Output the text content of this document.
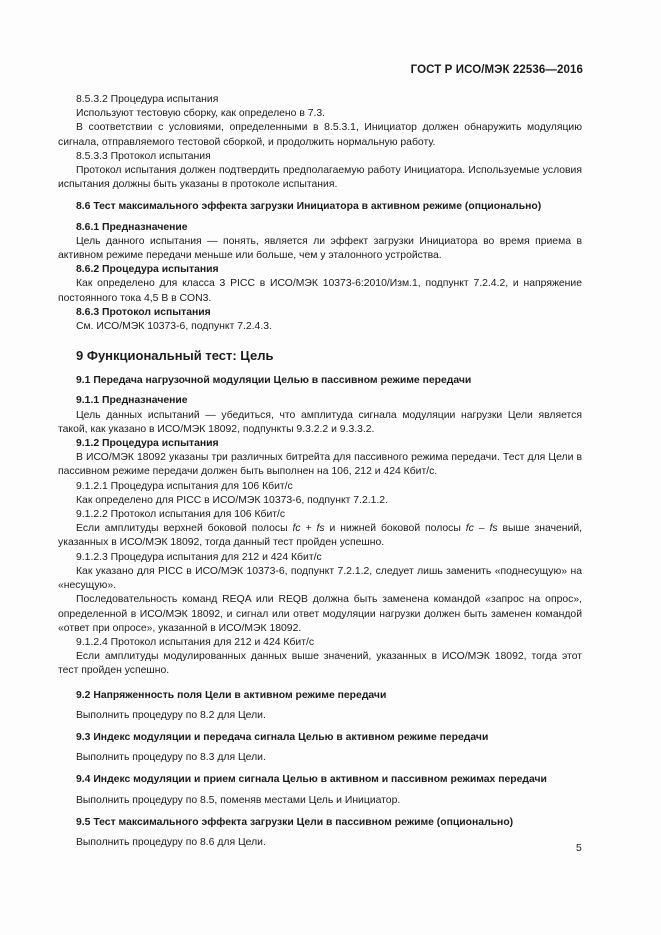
ГОСТ Р ИСО/МЭК 22536—2016

8.5.3.2 Процедура испытания

Используют тестовую сборку, как определено в 7.3.

В соответствии с условиями, определенными в 8.5.3.1, Инициатор должен обнаружить модуляцию сигнала, отправляемого тестовой сборкой, и продолжить нормальную работу.

8.5.3.3 Протокол испытания

Протокол испытания должен подтвердить предполагаемую работу Инициатора. Используемые условия испытания должны быть указаны в протоколе испытания.

8.6 Тест максимального эффекта загрузки Инициатора в активном режиме (опционально)

8.6.1 Предназначение

Цель данного испытания — понять, является ли эффект загрузки Инициатора во время приема в активном режиме передачи меньше или больше, чем у эталонного устройства.

8.6.2 Процедура испытания

Как определено для класса 3 PICC в ИСО/МЭК 10373-6:2010/Изм.1, подпункт 7.2.4.2, и напряжение постоянного тока 4,5 В в CON3.

8.6.3 Протокол испытания

См. ИСО/МЭК 10373-6, подпункт 7.2.4.3.

9 Функциональный тест: Цель

9.1 Передача нагрузочной модуляции Целью в пассивном режиме передачи

9.1.1 Предназначение

Цель данных испытаний — убедиться, что амплитуда сигнала модуляции нагрузки Цели является такой, как указано в ИСО/МЭК 18092, подпункты 9.3.2.2 и 9.3.3.2.

9.1.2 Процедура испытания

В ИСО/МЭК 18092 указаны три различных битрейта для пассивного режима передачи. Тест для Цели в пассивном режиме передачи должен быть выполнен на 106, 212 и 424 Кбит/с.

9.1.2.1 Процедура испытания для 106 Кбит/с

Как определено для PICC в ИСО/МЭК 10373-6, подпункт 7.2.1.2.

9.1.2.2 Протокол испытания для 106 Кбит/с

Если амплитуды верхней боковой полосы fc + fs и нижней боковой полосы fc – fs выше значений, указанных в ИСО/МЭК 18092, тогда данный тест пройден успешно.

9.1.2.3 Процедура испытания для 212 и 424 Кбит/с

Как указано для PICC в ИСО/МЭК 10373-6, подпункт 7.2.1.2, следует лишь заменить «поднесущую» на «несущую».

Последовательность команд REQA или REQB должна быть заменена командой «запрос на опрос», определенной в ИСО/МЭК 18092, и сигнал или ответ модуляции нагрузки должен быть заменен командой «ответ при опросе», указанной в ИСО/МЭК 18092.

9.1.2.4 Протокол испытания для 212 и 424 Кбит/с

Если амплитуды модулированных данных выше значений, указанных в ИСО/МЭК 18092, тогда этот тест пройден успешно.

9.2 Напряженность поля Цели в активном режиме передачи

Выполнить процедуру по 8.2 для Цели.

9.3 Индекс модуляции и передача сигнала Целью в активном режиме передачи

Выполнить процедуру по 8.3 для Цели.

9.4 Индекс модуляции и прием сигнала Целью в активном и пассивном режимах передачи

Выполнить процедуру по 8.5, поменяв местами Цель и Инициатор.

9.5 Тест максимального эффекта загрузки Цели в пассивном режиме (опционально)

Выполнить процедуру по 8.6 для Цели.

5
